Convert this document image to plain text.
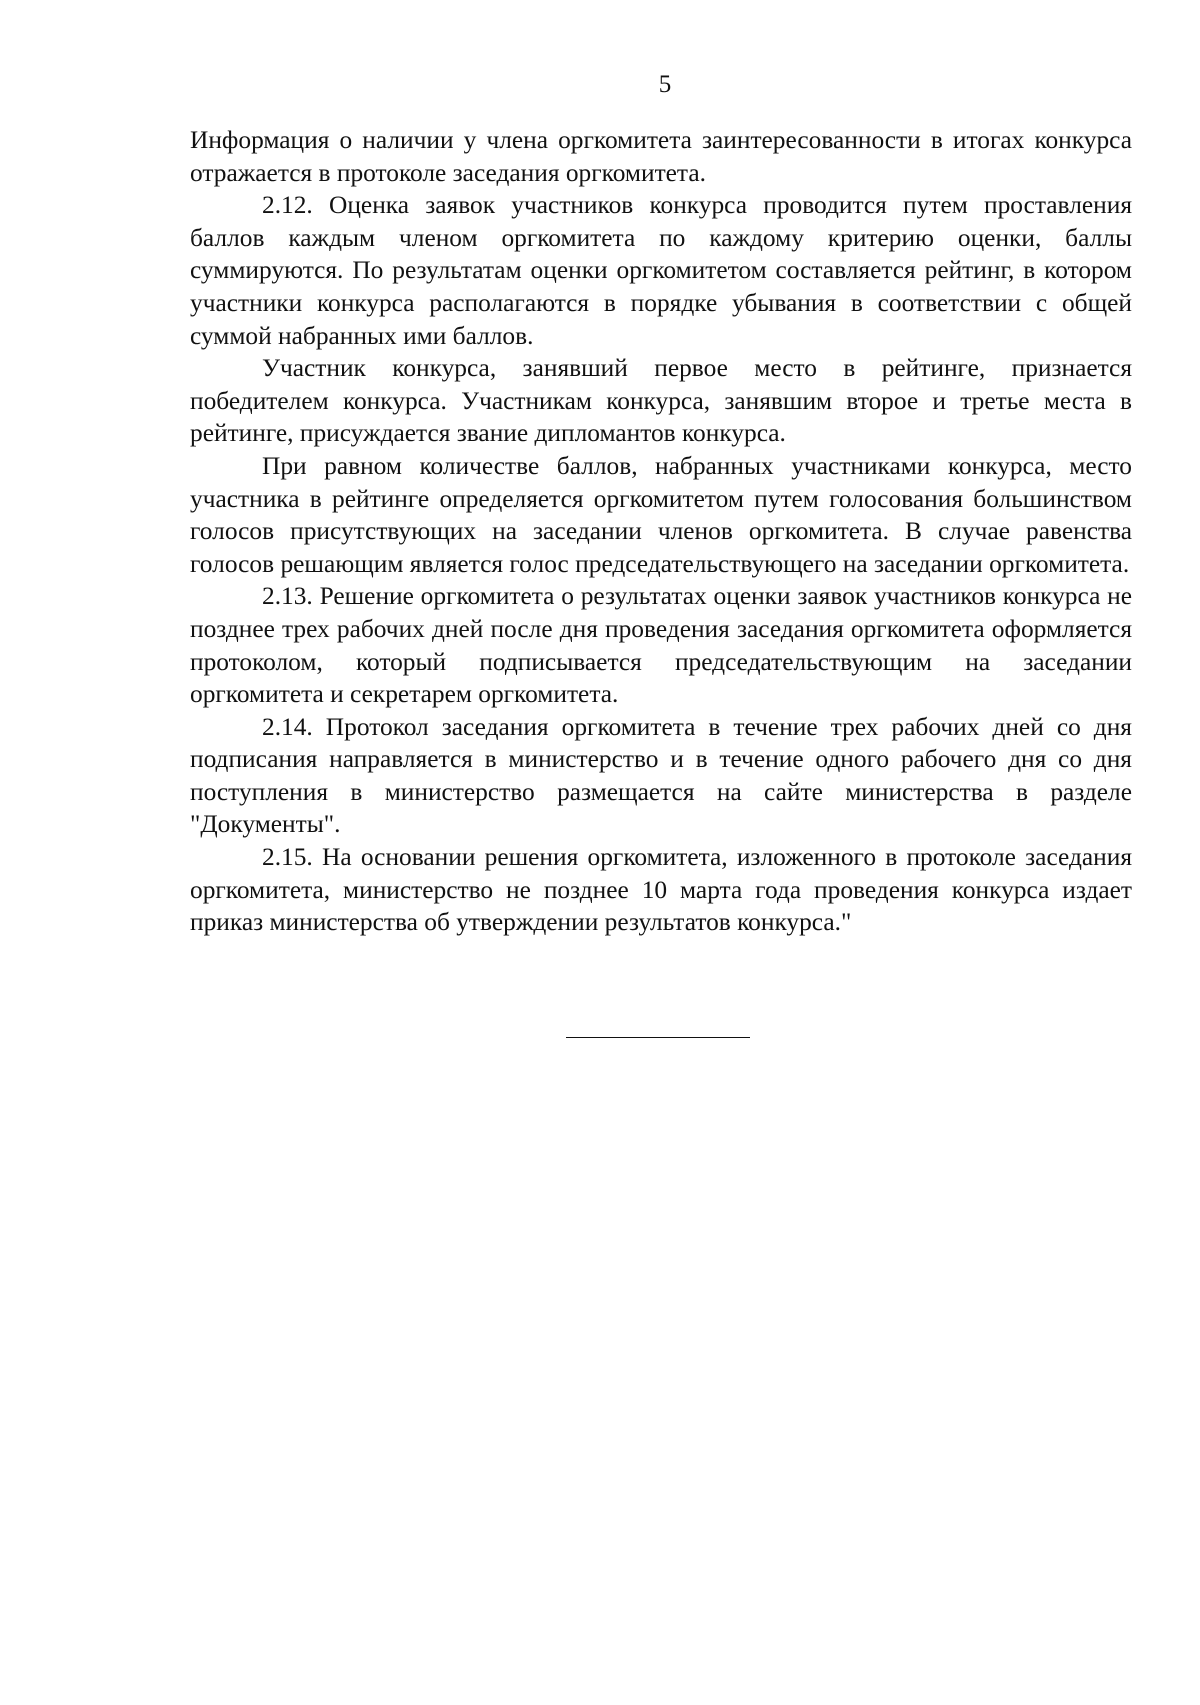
5

Информация о наличии у члена оргкомитета заинтересованности в итогах конкурса отражается в протоколе заседания оргкомитета.

2.12. Оценка заявок участников конкурса проводится путем проставления баллов каждым членом оргкомитета по каждому критерию оценки, баллы суммируются. По результатам оценки оргкомитетом составляется рейтинг, в котором участники конкурса располагаются в порядке убывания в соответствии с общей суммой набранных ими баллов.

Участник конкурса, занявший первое место в рейтинге, признается победителем конкурса. Участникам конкурса, занявшим второе и третье места в рейтинге, присуждается звание дипломантов конкурса.

При равном количестве баллов, набранных участниками конкурса, место участника в рейтинге определяется оргкомитетом путем голосования большинством голосов присутствующих на заседании членов оргкомитета. В случае равенства голосов решающим является голос председательствующего на заседании оргкомитета.

2.13. Решение оргкомитета о результатах оценки заявок участников конкурса не позднее трех рабочих дней после дня проведения заседания оргкомитета оформляется протоколом, который подписывается председательствующим на заседании оргкомитета и секретарем оргкомитета.

2.14. Протокол заседания оргкомитета в течение трех рабочих дней со дня подписания направляется в министерство и в течение одного рабочего дня со дня поступления в министерство размещается на сайте министерства в разделе "Документы".

2.15. На основании решения оргкомитета, изложенного в протоколе заседания оргкомитета, министерство не позднее 10 марта года проведения конкурса издает приказ министерства об утверждении результатов конкурса."
